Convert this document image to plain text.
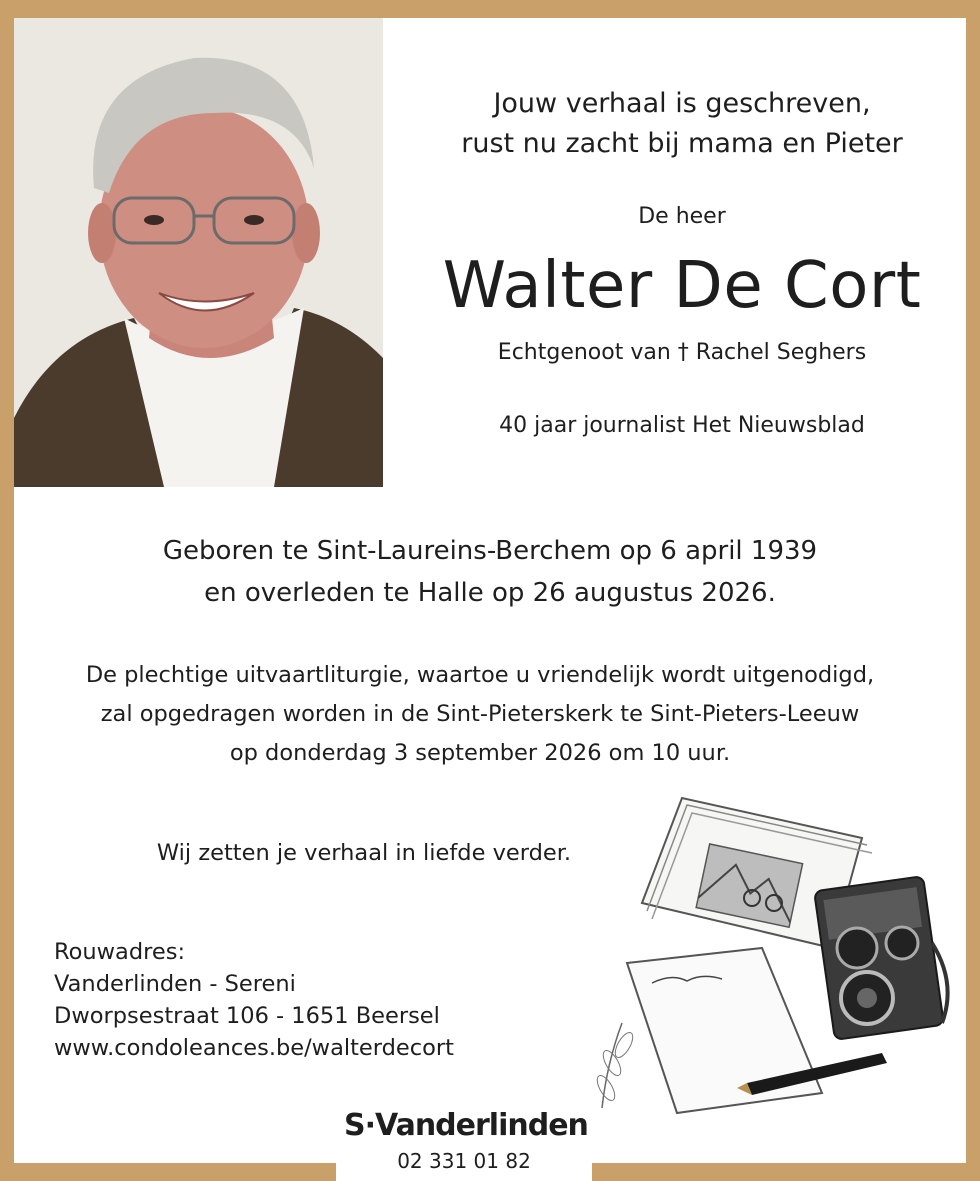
Jouw verhaal is geschreven,
rust nu zacht bij mama en Pieter
De heer
Walter De Cort
Echtgenoot van † Rachel Seghers
40 jaar journalist Het Nieuwsblad
Geboren te Sint-Laureins-Berchem op 6 april 1939
en overleden te Halle op 26 augustus 2026.
De plechtige uitvaartliturgie, waartoe u vriendelijk wordt uitgenodigd,
zal opgedragen worden in de Sint-Pieterskerk te Sint-Pieters-Leeuw
op donderdag 3 september 2026 om 10 uur.
Wij zetten je verhaal in liefde verder.
Rouwadres:
Vanderlinden - Sereni
Dworpsestraat 106 - 1651 Beersel
www.condoleances.be/walterdecort
S·Vanderlinden
02 331 01 82
